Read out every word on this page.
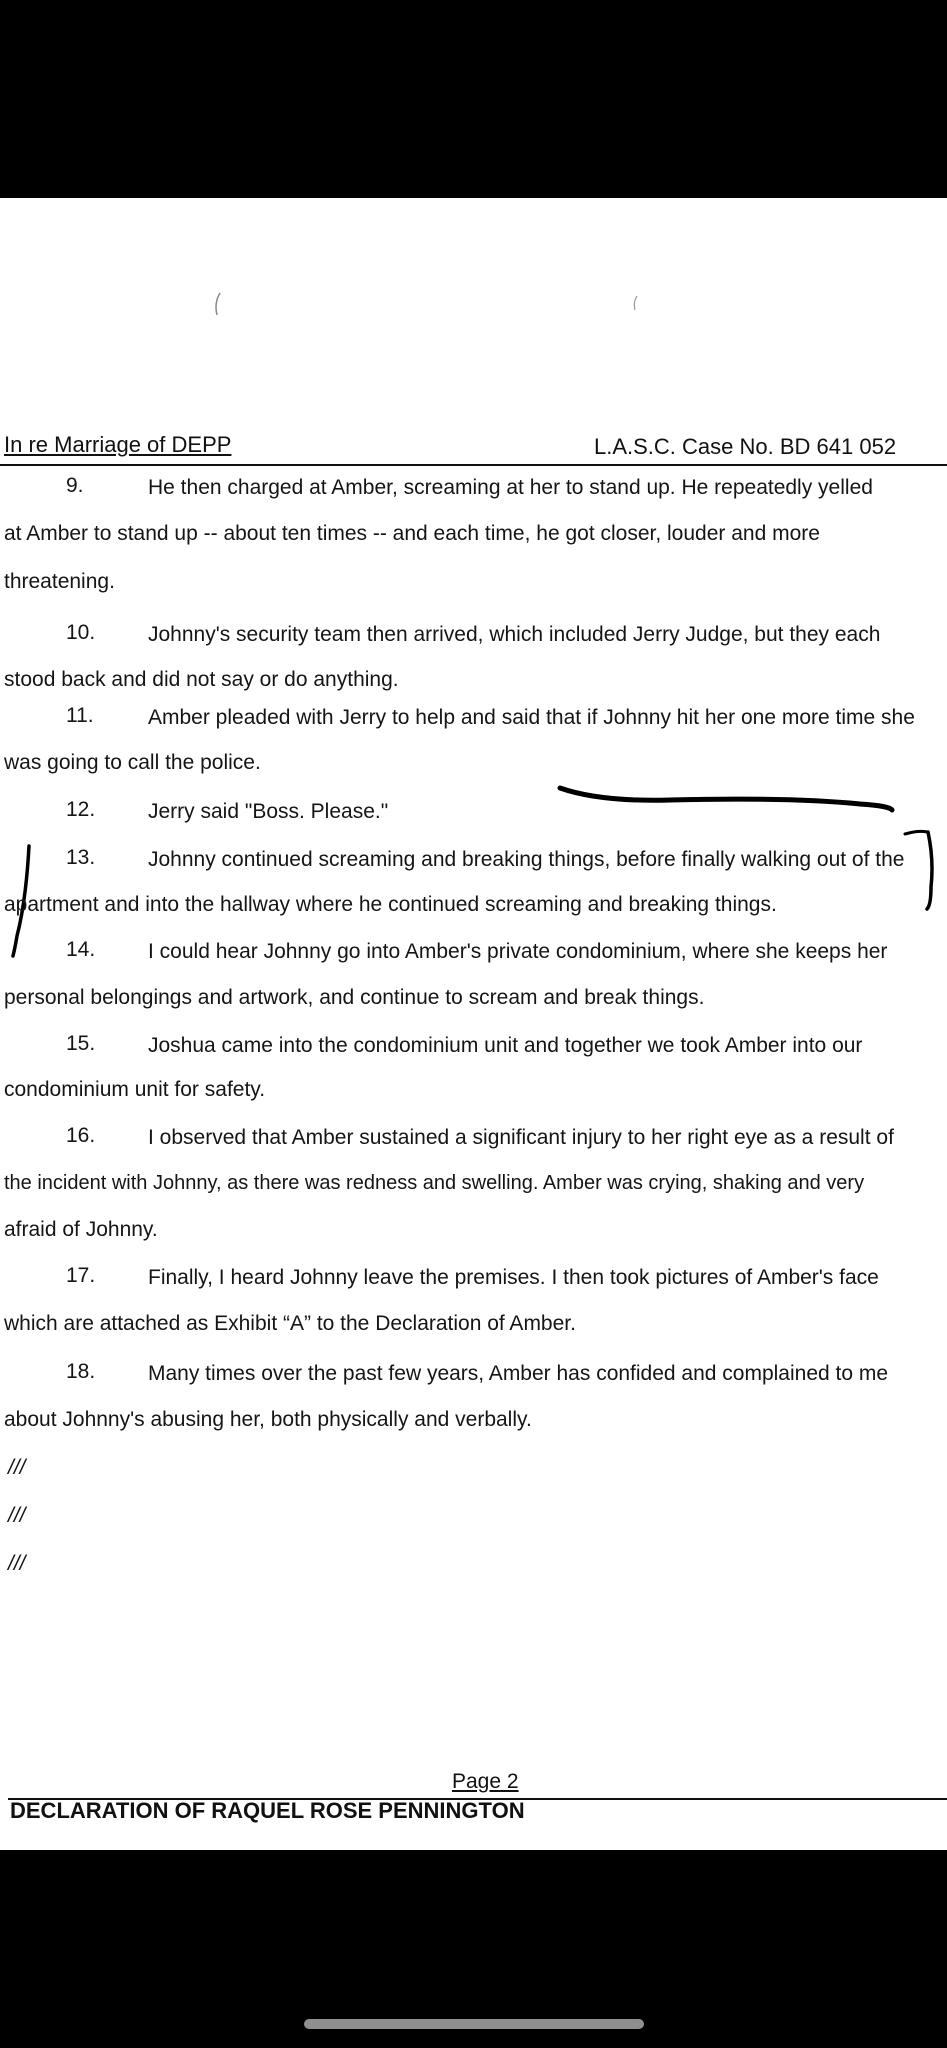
In re Marriage of DEPP	L.A.S.C. Case No. BD 641 052
9.	He then charged at Amber, screaming at her to stand up. He repeatedly yelled
at Amber to stand up -- about ten times -- and each time, he got closer, louder and more
threatening.
10.	Johnny's security team then arrived, which included Jerry Judge, but they each
stood back and did not say or do anything.
11.	Amber pleaded with Jerry to help and said that if Johnny hit her one more time she
was going to call the police.
12.	Jerry said "Boss. Please."
13.	Johnny continued screaming and breaking things, before finally walking out of the
apartment and into the hallway where he continued screaming and breaking things.
14.	I could hear Johnny go into Amber's private condominium, where she keeps her
personal belongings and artwork, and continue to scream and break things.
15.	Joshua came into the condominium unit and together we took Amber into our
condominium unit for safety.
16.	I observed that Amber sustained a significant injury to her right eye as a result of
the incident with Johnny, as there was redness and swelling. Amber was crying, shaking and very
afraid of Johnny.
17.	Finally, I heard Johnny leave the premises. I then took pictures of Amber's face
which are attached as Exhibit “A” to the Declaration of Amber.
18.	Many times over the past few years, Amber has confided and complained to me
about Johnny's abusing her, both physically and verbally.
///
///
///
Page 2
DECLARATION OF RAQUEL ROSE PENNINGTON
